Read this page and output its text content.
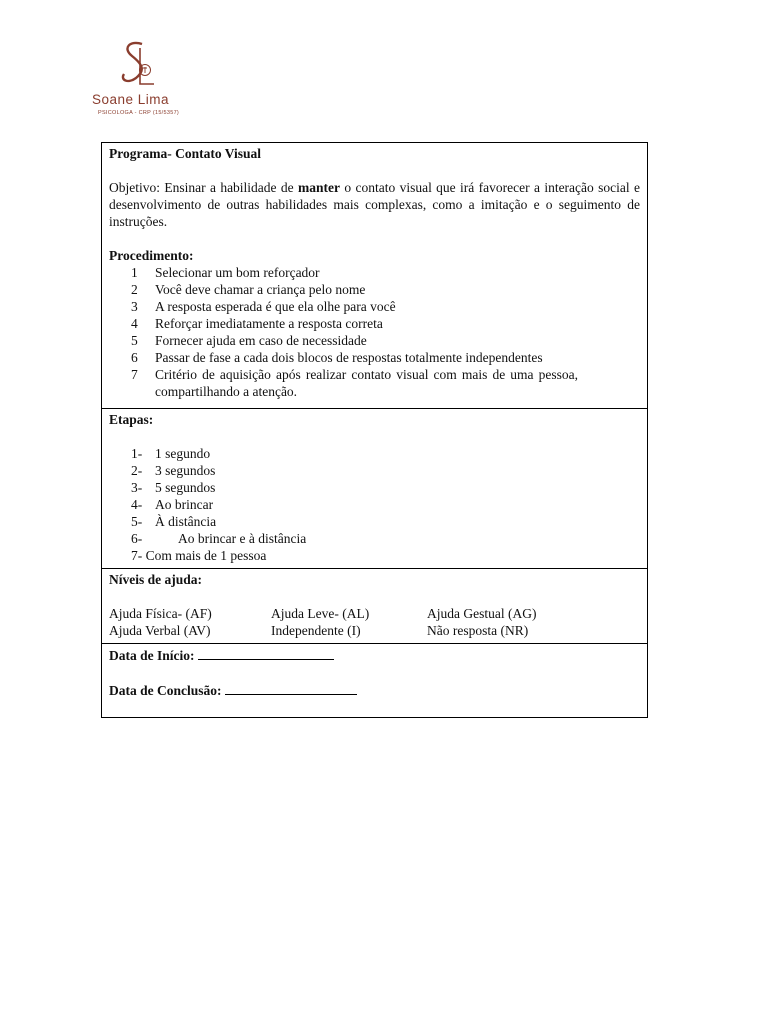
Soane Lima
PSICOLOGA - CRP (15/5357)
Programa- Contato Visual
Objetivo: Ensinar a habilidade de manter o contato visual que irá favorecer a interação social e desenvolvimento de outras habilidades mais complexas, como a imitação e o seguimento de instruções.
Procedimento:
1 Selecionar um bom reforçador
2 Você deve chamar a criança pelo nome
3 A resposta esperada é que ela olhe para você
4 Reforçar imediatamente a resposta correta
5 Fornecer ajuda em caso de necessidade
6 Passar de fase a cada dois blocos de respostas totalmente independentes
7 Critério de aquisição após realizar contato visual com mais de uma pessoa, compartilhando a atenção.
Etapas:
1- 1 segundo
2- 3 segundos
3- 5 segundos
4- Ao brincar
5- À distância
6-	Ao brincar e à distância
7- Com mais de 1 pessoa
Níveis de ajuda:
Ajuda Física- (AF)	Ajuda Leve- (AL)	Ajuda Gestual (AG)
Ajuda Verbal (AV)	Independente (I)	Não resposta (NR)
Data de Início:
Data de Conclusão:
